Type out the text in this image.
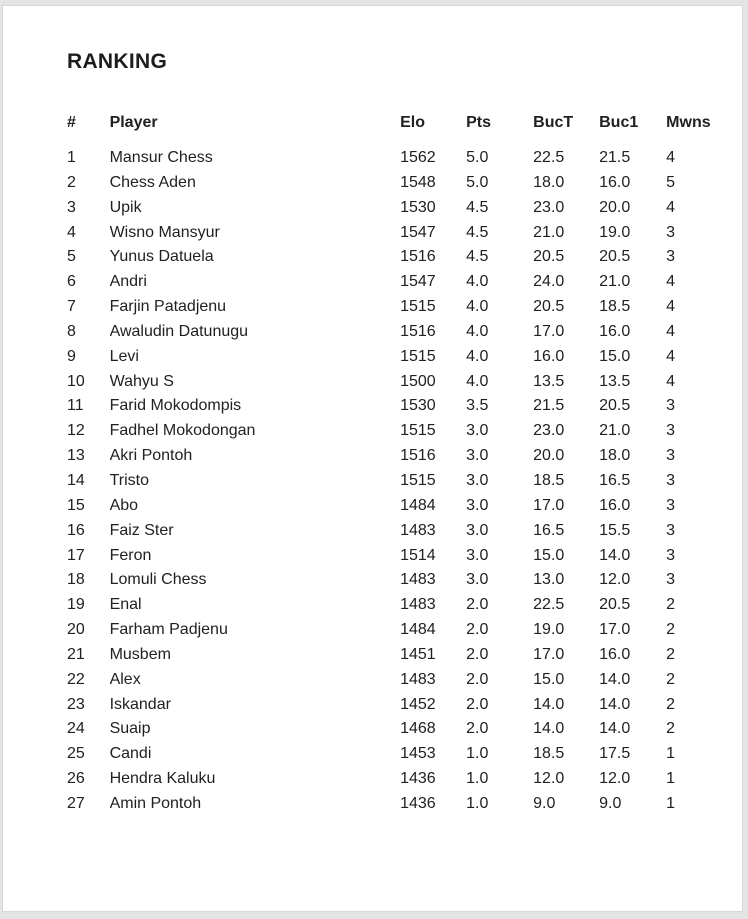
RANKING
#	Player	Elo	Pts	BucT	Buc1	Mwns
1	Mansur Chess	1562	5.0	22.5	21.5	4
2	Chess Aden	1548	5.0	18.0	16.0	5
3	Upik	1530	4.5	23.0	20.0	4
4	Wisno Mansyur	1547	4.5	21.0	19.0	3
5	Yunus Datuela	1516	4.5	20.5	20.5	3
6	Andri	1547	4.0	24.0	21.0	4
7	Farjin Patadjenu	1515	4.0	20.5	18.5	4
8	Awaludin Datunugu	1516	4.0	17.0	16.0	4
9	Levi	1515	4.0	16.0	15.0	4
10	Wahyu S	1500	4.0	13.5	13.5	4
11	Farid Mokodompis	1530	3.5	21.5	20.5	3
12	Fadhel Mokodongan	1515	3.0	23.0	21.0	3
13	Akri Pontoh	1516	3.0	20.0	18.0	3
14	Tristo	1515	3.0	18.5	16.5	3
15	Abo	1484	3.0	17.0	16.0	3
16	Faiz Ster	1483	3.0	16.5	15.5	3
17	Feron	1514	3.0	15.0	14.0	3
18	Lomuli Chess	1483	3.0	13.0	12.0	3
19	Enal	1483	2.0	22.5	20.5	2
20	Farham Padjenu	1484	2.0	19.0	17.0	2
21	Musbem	1451	2.0	17.0	16.0	2
22	Alex	1483	2.0	15.0	14.0	2
23	Iskandar	1452	2.0	14.0	14.0	2
24	Suaip	1468	2.0	14.0	14.0	2
25	Candi	1453	1.0	18.5	17.5	1
26	Hendra Kaluku	1436	1.0	12.0	12.0	1
27	Amin Pontoh	1436	1.0	9.0	9.0	1
